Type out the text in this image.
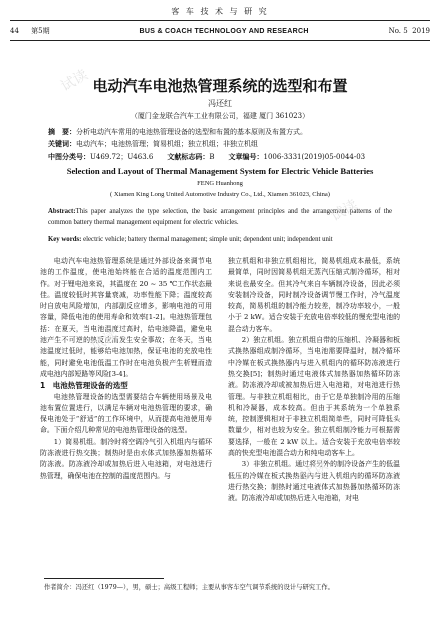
客 车 技 术 与 研 究
44 第5期	BUS & COACH TECHNOLOGY AND RESEARCH	No. 5 2019
电动汽车电池热管理系统的选型和布置
冯还红
（厦门金龙联合汽车工业有限公司，福建 厦门 361023）
摘　要：分析电动汽车常用的电池热管理设备的选型和布置的基本原则及布置方式。
关键词：电动汽车；电池热管理；简易机组；独立机组；非独立机组
中图分类号：U469.72；U463.6 文献标志码：B 文章编号：1006-3331(2019)05-0044-03
Selection and Layout of Thermal Management System for Electric Vehicle Batteries
FENG Huanhong
( Xiamen King Long United Automotive Industry Co., Ltd., Xiamen 361023, China)
Abstract:This paper analyzes the type selection, the basic arrangement principles and the arrangement patterns of the common battery thermal management equipment for electric vehicles.
Key words: electric vehicle; battery thermal management; simple unit; dependent unit; independent unit

电动汽车电池热管理系统是通过外部设备来调节电池的工作温度，使电池始终能在合适的温度范围内工作。对于锂电池来说，其温度在 20 ~ 35 ℃工作状态最佳。温度较低时其容量衰减，功率性能下降；温度较高时自放电风险增加，内部副反应增多，影响电池的可用容量，降低电池的使用寿命和效率[1-2]。电池热管理包括：在夏天，当电池温度过高时，给电池降温，避免电池产生不可逆的热反应而发生安全事故；在冬天，当电池温度过低时，能够给电池加热，保证电池的充放电性能，同时避免电池低温工作时在电池负极产生析锂而造成电池内部短路等风险[3-4]。

1　电池热管理设备的选型

电池热管理设备的选型需要结合车辆使用场景及电池布置位置进行，以满足车辆对电池热管理的要求，确保电池处于“舒适”的工作环境中，从而提高电池使用寿命。下面介绍几种常见的电池热管理设备的选型。

1）简易机组。制冷时将空调冷气引入机组内与循环防冻液进行热交换；制热时是由水体式加热器加热循环防冻液。防冻液冷却或加热后进入电池箱，对电池进行热管理，确保电池在控制的温度范围内。与

独立机组和非独立机组相比，简易机组成本最低，系统最简单，同时因简易机组无蒸汽压缩式制冷循环，相对来说也最安全。但其冷气来自车辆制冷设备，因此必须安装制冷设备，同时制冷设备调节慢工作时，冷气温度较高，简易机组的制冷能力较差，制冷功率较小，一般小于 2 kW。适合安装于充放电倍率较低的慢充型电池的混合动力客车。

2）独立机组。独立机组自带的压缩机、冷凝器和板式换热器组成制冷循环，当电池需要降温时，制冷循环中冷媒在板式换热器内与进入机组内的循环防冻液进行热交换[5]；制热时通过电液体式加热器加热循环防冻液。防冻液冷却或被加热后进入电池箱，对电池进行热管理。与非独立机组相比，由于它是单独制冷用的压缩机和冷凝器，成本较高。但由于其系统为一个单独系统，控制逻辑相对于非独立机组简单些，同时可降低头数量少，相对也较为安全。独立机组制冷能力可根据需要选择，一般在 2 kW 以上。适合安装于充放电倍率较高的快充型电池混合动力和纯电动客车上。

3）非独立机组。通过将另外的制冷设备产生的低温低压的冷媒在板式换热器内与进入机组内的循环防冻液进行热交换；制热时通过电液体式加热器加热循环防冻液。防冻液冷却或加热后进入电池箱，对电

作者简介：冯还红（1979—），男，硕士；高级工程师；主要从事客车空气调节系统的设计与研究工作。
试读
试读
试读
试读
